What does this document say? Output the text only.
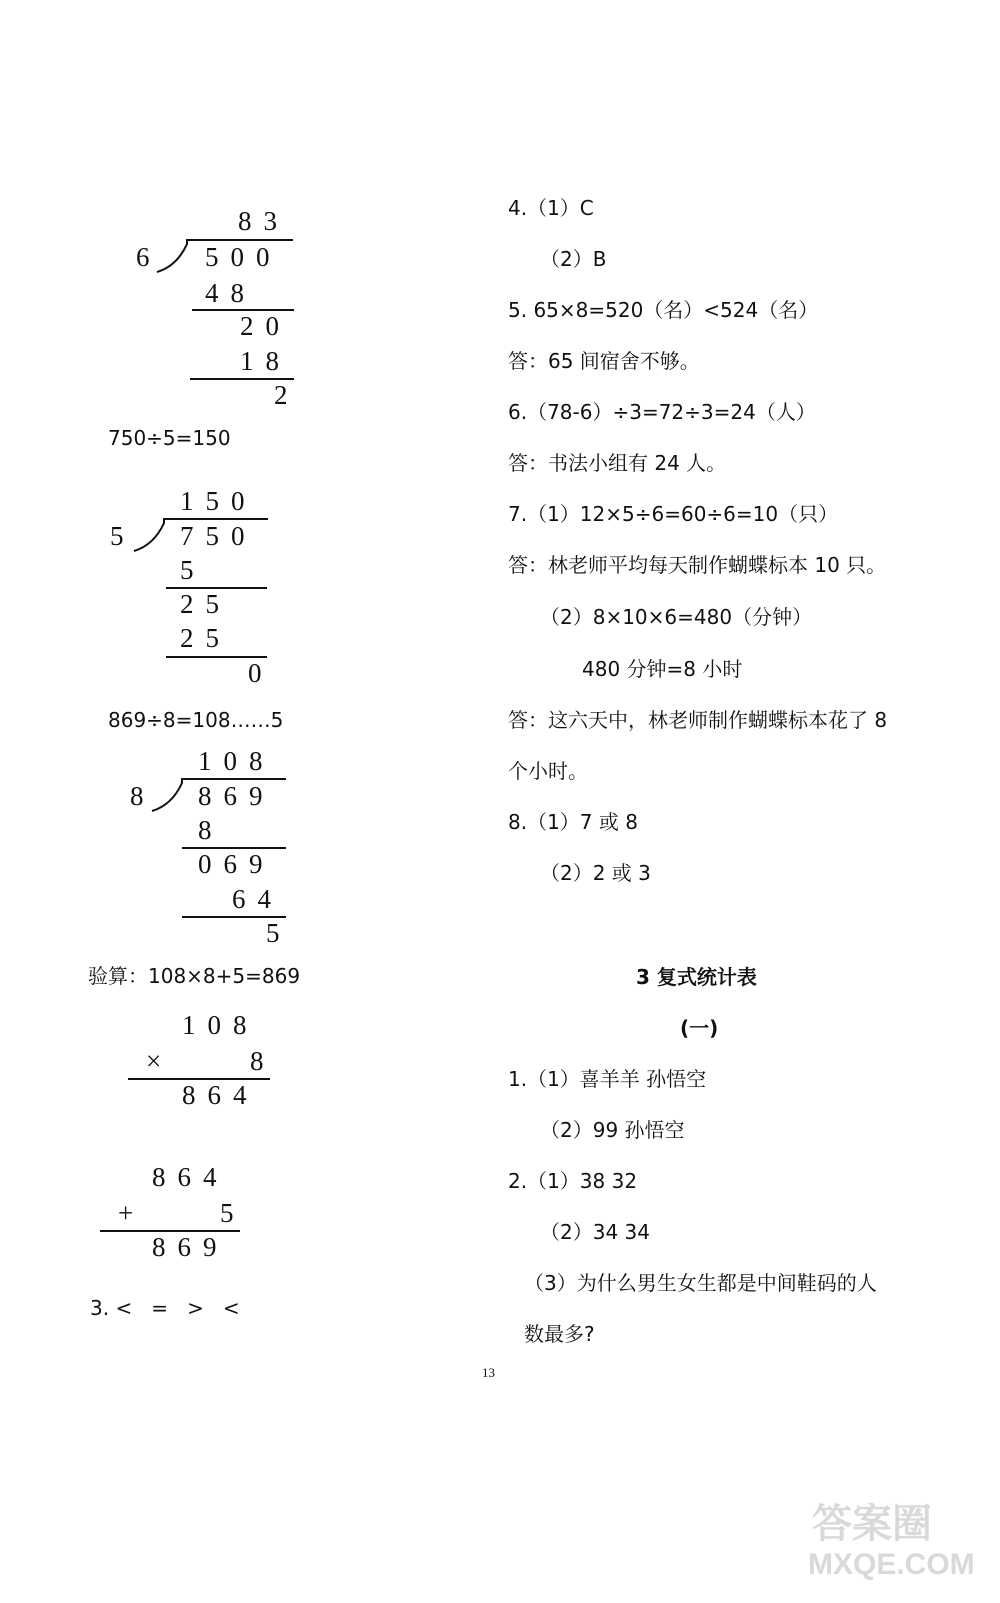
83
6 500
48
20
18
2
750÷5=150
150
5 750
5
25
25
0
869÷8=108……5
108
8 869
8
069
64
5
验算：108×8+5=869
108
×	8
864
864
+	5
869
3. <   =   >   <
4.（1）C
（2）B
5. 65×8=520（名）<524（名）
答：65 间宿舍不够。
6.（78-6）÷3=72÷3=24（人）
答：书法小组有 24 人。
7.（1）12×5÷6=60÷6=10（只）
答：林老师平均每天制作蝴蝶标本 10 只。
（2）8×10×6=480（分钟）
480 分钟=8 小时
答：这六天中，林老师制作蝴蝶标本花了 8
个小时。
8.（1）7 或 8
（2）2 或 3
3 复式统计表
(一)
1.（1）喜羊羊 孙悟空
（2）99 孙悟空
2.（1）38 32
（2）34 34
（3）为什么男生女生都是中间鞋码的人
数最多?
13
答案圈
MXQE.COM
